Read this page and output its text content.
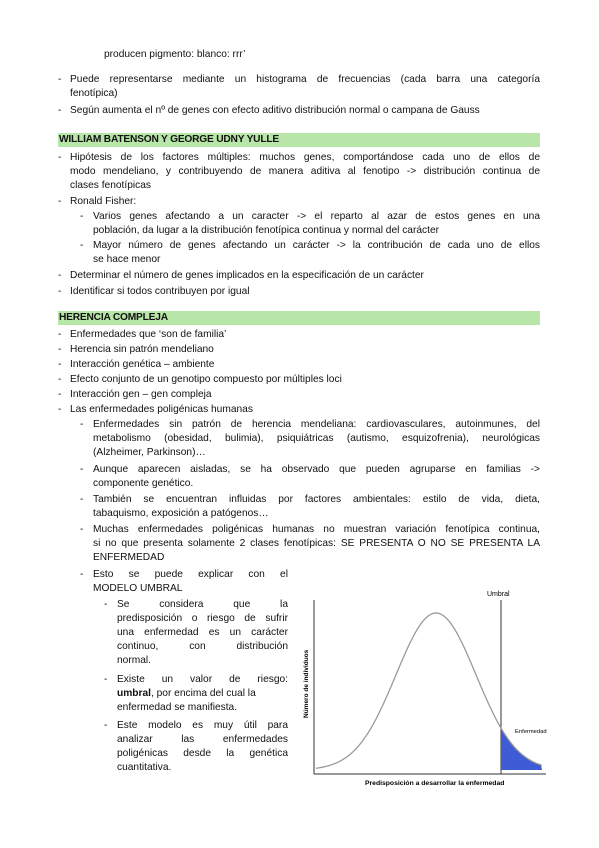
producen pigmento: blanco: rrr’
- Puede representarse mediante un histograma de frecuencias (cada barra una categoría
fenotípica)
- Según aumenta el nº de genes con efecto aditivo distribución normal o campana de Gauss
WILLIAM BATENSON Y GEORGE UDNY YULLE
- Hipótesis de los factores múltiples: muchos genes, comportándose cada uno de ellos de
modo mendeliano, y contribuyendo de manera aditiva al fenotipo -> distribución continua de
clases fenotípicas
- Ronald Fisher:
- Varios genes afectando a un caracter -> el reparto al azar de estos genes en una
población, da lugar a la distribución fenotípica continua y normal del carácter
- Mayor número de genes afectando un carácter -> la contribución de cada uno de ellos
se hace menor
- Determinar el número de genes implicados en la especificación de un carácter
- Identificar si todos contribuyen por igual
HERENCIA COMPLEJA
- Enfermedades que ‘son de familia’
- Herencia sin patrón mendeliano
- Interacción genética – ambiente
- Efecto conjunto de un genotipo compuesto por múltiples loci
- Interacción gen – gen compleja
- Las enfermedades poligénicas humanas
- Enfermedades sin patrón de herencia mendeliana: cardiovasculares, autoinmunes, del
metabolismo (obesidad, bulimia), psiquiátricas (autismo, esquizofrenia), neurológicas
(Alzheimer, Parkinson)…
- Aunque aparecen aisladas, se ha observado que pueden agruparse en familias ->
componente genético.
- También se encuentran influidas por factores ambientales: estilo de vida, dieta,
tabaquismo, exposición a patógenos…
- Muchas enfermedades poligénicas humanas no muestran variación fenotípica continua,
si no que presenta solamente 2 clases fenotípicas: SE PRESENTA O NO SE PRESENTA LA
ENFERMEDAD
- Esto se puede explicar con el
MODELO UMBRAL
- Se considera que la
predisposición o riesgo de sufrir
una enfermedad es un carácter
continuo, con distribución
normal.
- Existe un valor de riesgo:
umbral, por encima del cual la
enfermedad se manifiesta.
- Este modelo es muy útil para
analizar las enfermedades
poligénicas desde la genética
cuantitativa.
Umbral
Enfermedad
Número de individuos
Predisposición a desarrollar la enfermedad
